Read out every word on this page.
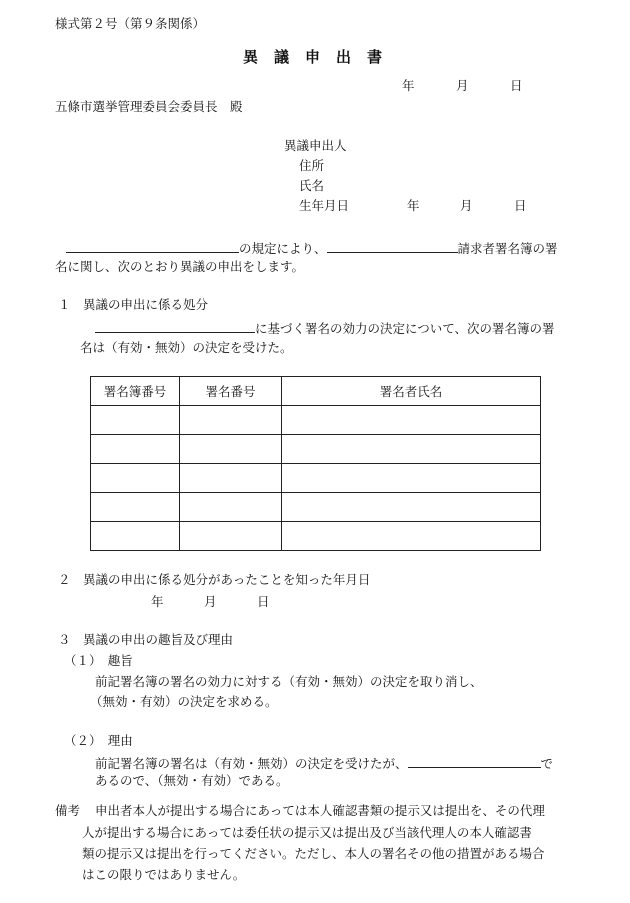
様式第２号（第９条関係）
異議申出書
年	月	日
五條市選挙管理委員会委員長　殿
異議申出人
住所
氏名
生年月日	年	月	日
の規定により、	請求者署名簿の署
名に関し、次のとおり異議の申出をします。
１　異議の申出に係る処分
に基づく署名の効力の決定について、次の署名簿の署
名は（有効・無効）の決定を受けた。
署名簿番号	署名番号	署名者氏名

２　異議の申出に係る処分があったことを知った年月日
年	月	日
３　異議の申出の趣旨及び理由
（１）　趣旨
前記署名簿の署名の効力に対する（有効・無効）の決定を取り消し、
（無効・有効）の決定を求める。
（２）　理由
前記署名簿の署名は（有効・無効）の決定を受けたが、	で
あるので、（無効・有効）である。
備考 申出者本人が提出する場合にあっては本人確認書類の提示又は提出を、その代理
人が提出する場合にあっては委任状の提示又は提出及び当該代理人の本人確認書
類の提示又は提出を行ってください。ただし、本人の署名その他の措置がある場合
はこの限りではありません。
